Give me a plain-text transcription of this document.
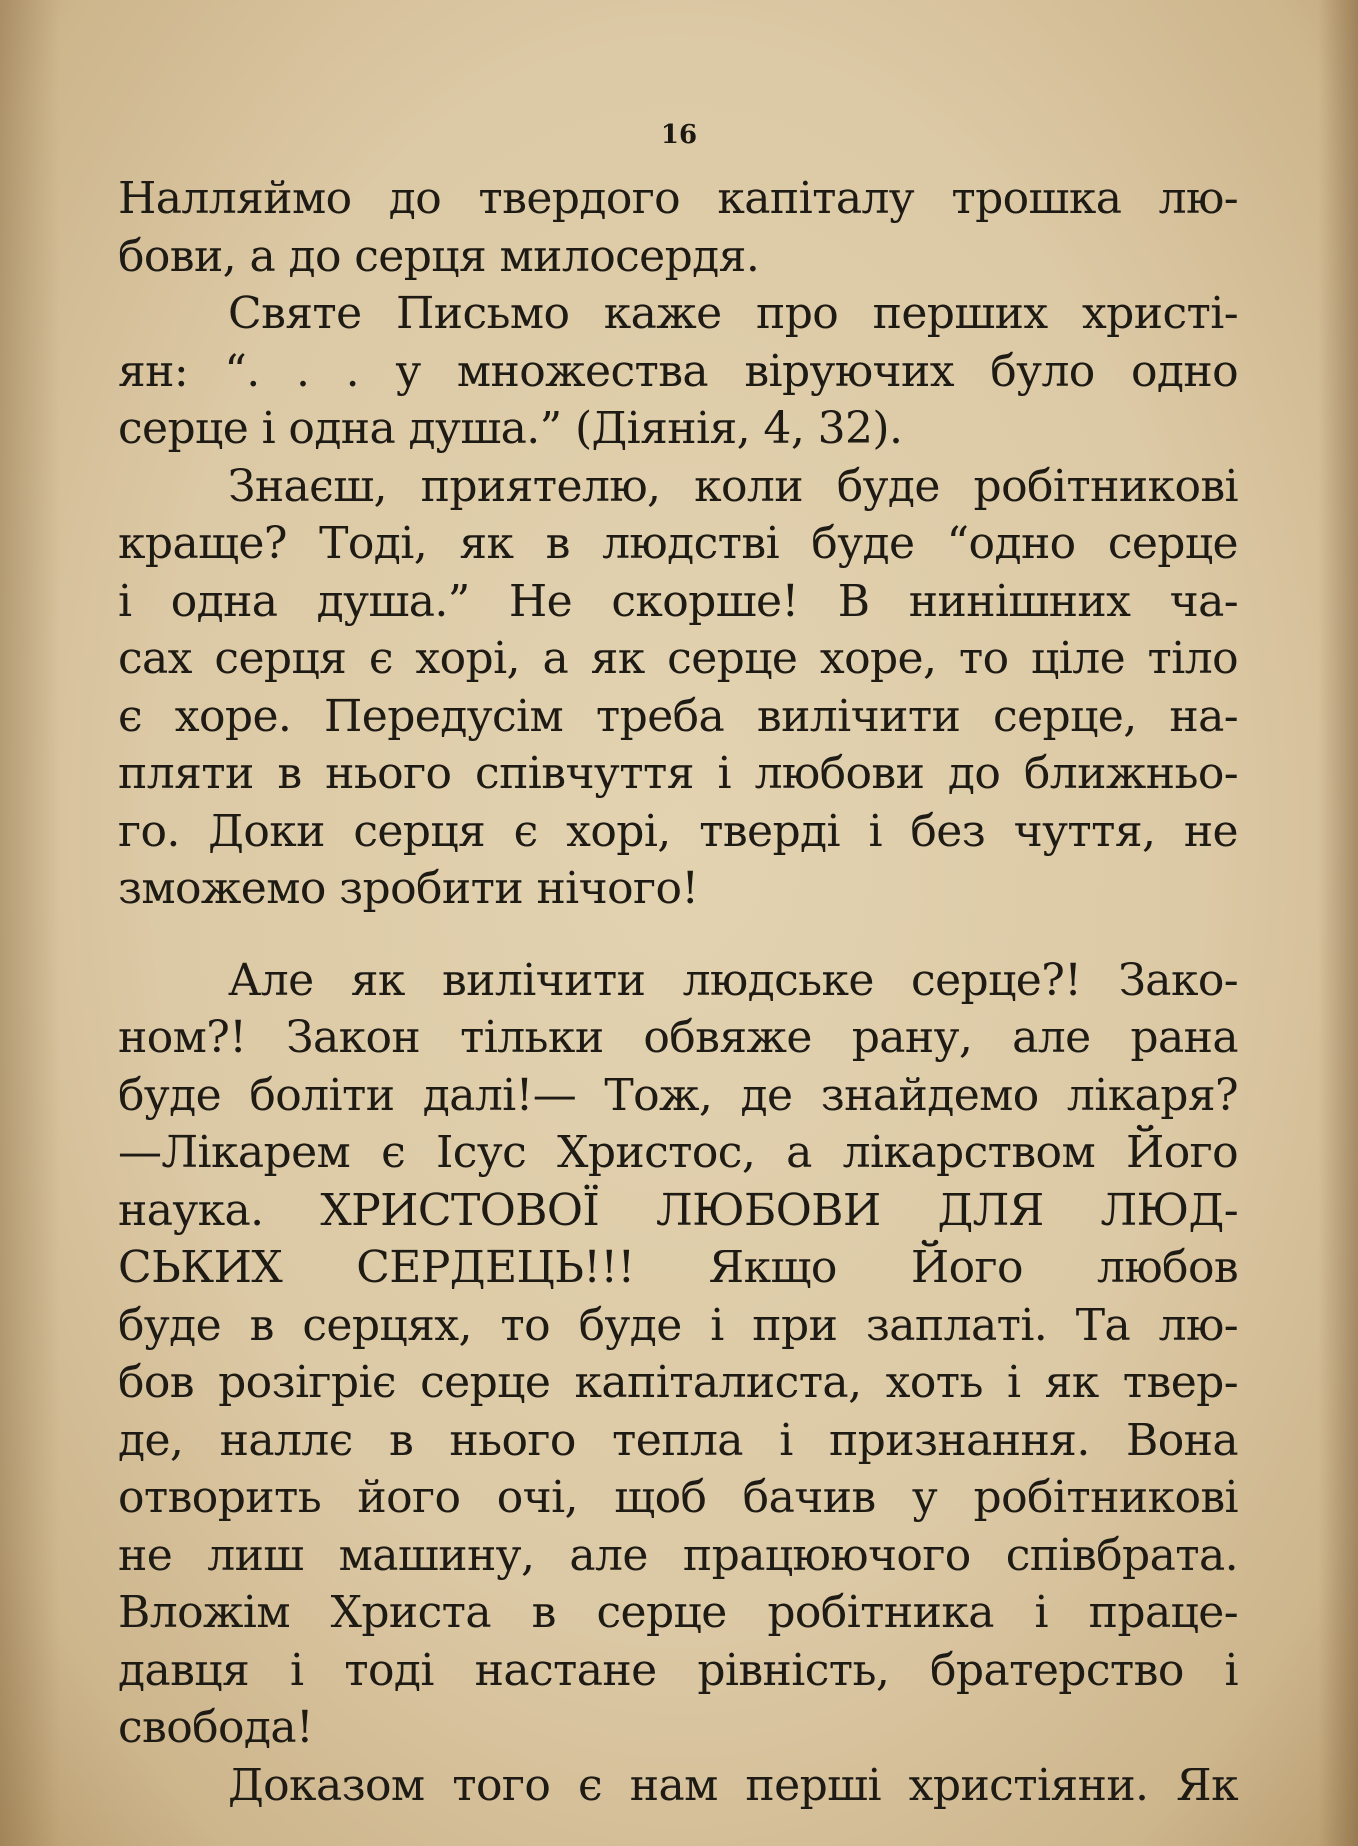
16
Налляймо до твердого капіталу трошка лю-
бови, а до серця милосердя.
Святе Письмо каже про перших христі-
ян: “. . . у множества віруючих було одно
серце і одна душа.” (Діянія, 4, 32).
Знаєш, приятелю, коли буде робітникові
краще? Тоді, як в людстві буде “одно серце
і одна душа.” Не скорше! В нинішних ча-
сах серця є хорі, а як серце хоре, то ціле тіло
є хоре. Передусім треба вилічити серце, на-
пляти в нього співчуття і любови до ближньо-
го. Доки серця є хорі, тверді і без чуття, не
зможемо зробити нічого!
Але як вилічити людське серце?! Зако-
ном?! Закон тільки обвяже рану, але рана
буде боліти далі!— Тож, де знайдемо лікаря?
—Лікарем є Ісус Христос, а лікарством Його
наука. ХРИСТОВОЇ ЛЮБОВИ ДЛЯ ЛЮД-
СЬКИХ СЕРДЕЦЬ!!! Якщо Його любов
буде в серцях, то буде і при заплаті. Та лю-
бов розігріє серце капіталиста, хоть і як твер-
де, наллє в нього тепла і признання. Вона
отворить його очі, щоб бачив у робітникові
не лиш машину, але працюючого співбрата.
Вложім Христа в серце робітника і праце-
давця і тоді настане рівність, братерство і
свобода!
Доказом того є нам перші христіяни. Як
